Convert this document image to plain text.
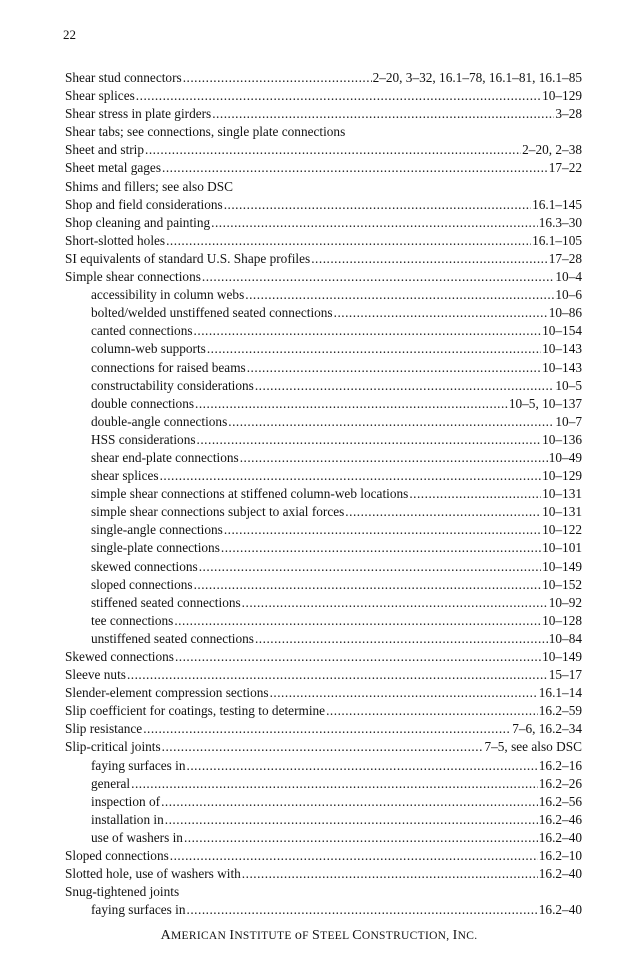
22
Shear stud connectors .....	2–20, 3–32, 16.1–78, 16.1–81, 16.1–85
Shear splices .....	10–129
Shear stress in plate girders .....	3–28
Shear tabs; see connections, single plate connections
Sheet and strip .....	2–20, 2–38
Sheet metal gages .....	17–22
Shims and fillers; see also DSC
Shop and field considerations .....	16.1–145
Shop cleaning and painting .....	16.3–30
Short-slotted holes .....	16.1–105
SI equivalents of standard U.S. Shape profiles .....	17–28
Simple shear connections .....	10–4
accessibility in column webs .....	10–6
bolted/welded unstiffened seated connections .....	10–86
canted connections .....	10–154
column-web supports .....	10–143
connections for raised beams .....	10–143
constructability considerations .....	10–5
double connections .....	10–5, 10–137
double-angle connections .....	10–7
HSS considerations .....	10–136
shear end-plate connections .....	10–49
shear splices .....	10–129
simple shear connections at stiffened column-web locations .....	10–131
simple shear connections subject to axial forces .....	10–131
single-angle connections .....	10–122
single-plate connections .....	10–101
skewed connections .....	10–149
sloped connections .....	10–152
stiffened seated connections .....	10–92
tee connections .....	10–128
unstiffened seated connections .....	10–84
Skewed connections .....	10–149
Sleeve nuts .....	15–17
Slender-element compression sections .....	16.1–14
Slip coefficient for coatings, testing to determine .....	16.2–59
Slip resistance .....	7–6, 16.2–34
Slip-critical joints .....	7–5, see also DSC
faying surfaces in .....	16.2–16
general .....	16.2–26
inspection of .....	16.2–56
installation in .....	16.2–46
use of washers in .....	16.2–40
Sloped connections .....	16.2–10
Slotted hole, use of washers with .....	16.2–40
Snug-tightened joints
faying surfaces in .....	16.2–40
AMERICAN INSTITUTE oF STEEL CONSTRUCTION, INC.
